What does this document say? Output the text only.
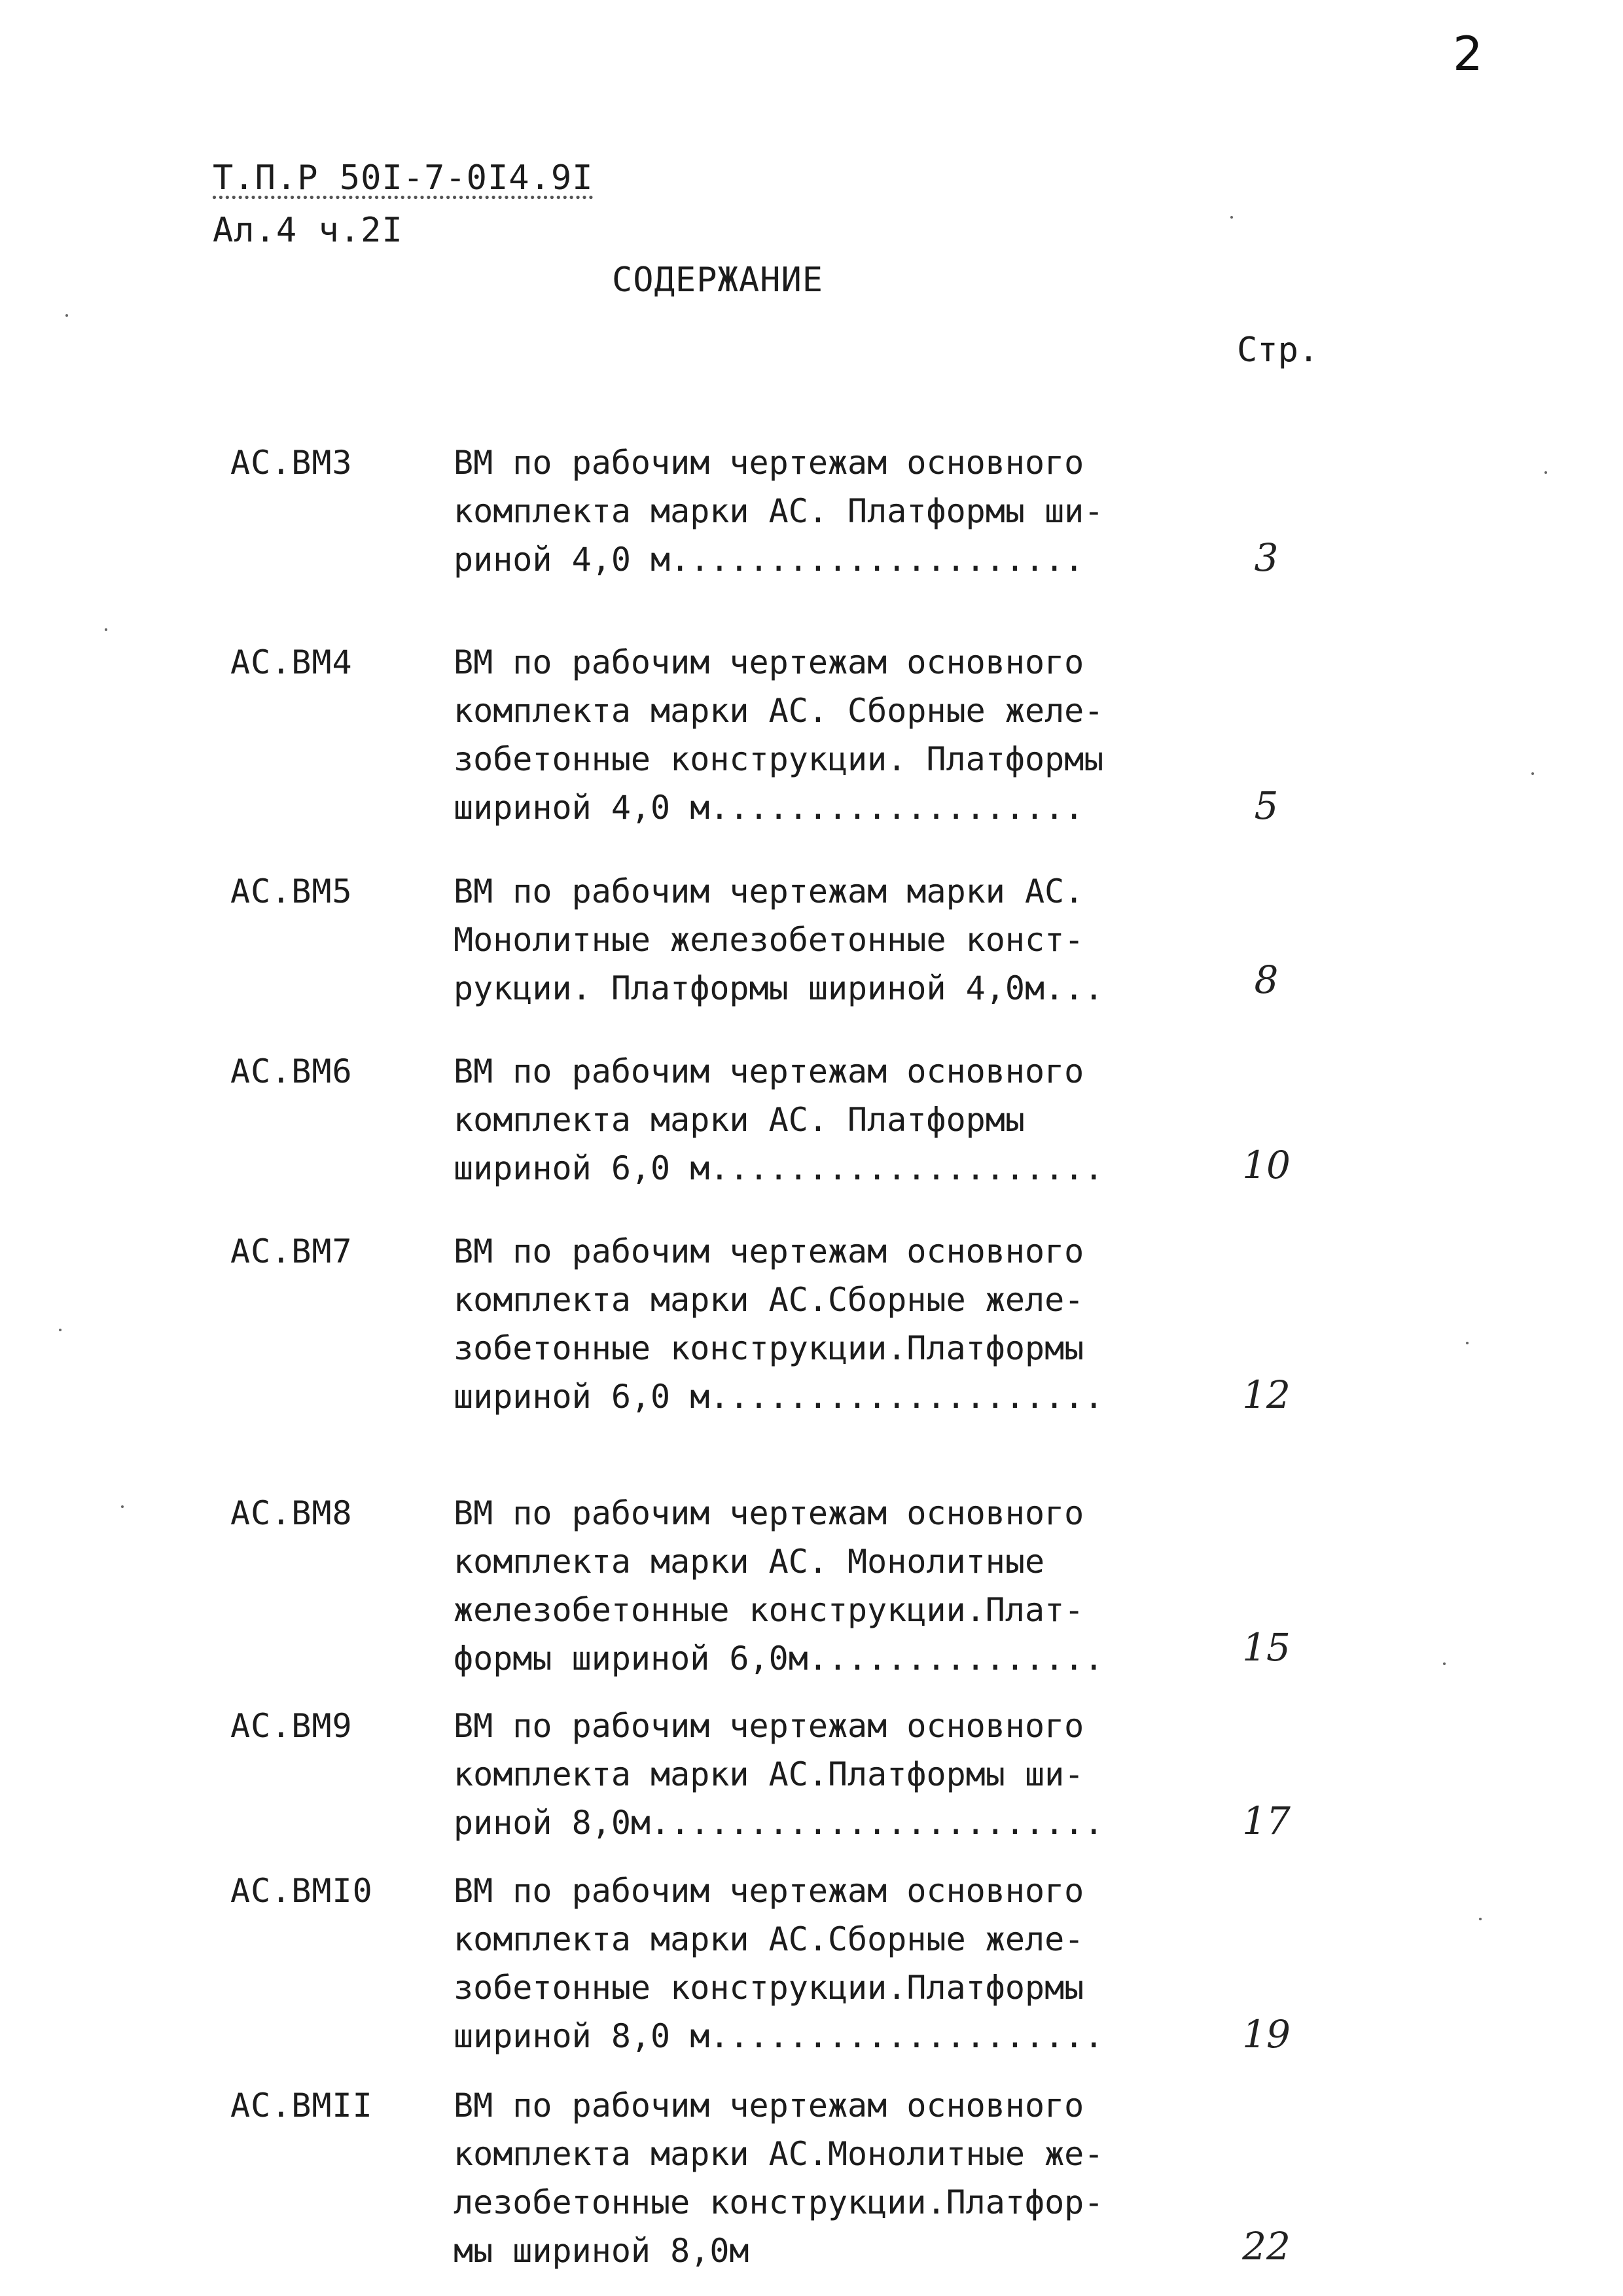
2
Т.П.Р 50I-7-0I4.9I
Ал.4 ч.2I
СОДЕРЖАНИЕ
Стр.
АС.ВМ3	ВМ по рабочим чертежам основного
комплекта марки АС. Платформы ши-
риной 4,0 м.....................	3
АС.ВМ4	ВМ по рабочим чертежам основного
комплекта марки АС. Сборные желе-
зобетонные конструкции. Платформы
шириной 4,0 м...................	5
АС.ВМ5	ВМ по рабочим чертежам марки АС.
Монолитные железобетонные конст-
рукции. Платформы шириной 4,0м...	8
АС.ВМ6	ВМ по рабочим чертежам основного
комплекта марки АС. Платформы
шириной 6,0 м....................	10
АС.ВМ7	ВМ по рабочим чертежам основного
комплекта марки АС.Сборные желе-
зобетонные конструкции.Платформы
шириной 6,0 м....................	12
АС.ВМ8	ВМ по рабочим чертежам основного
комплекта марки АС. Монолитные
железобетонные конструкции.Плат-
формы шириной 6,0м...............	15
АС.ВМ9	ВМ по рабочим чертежам основного
комплекта марки АС.Платформы ши-
риной 8,0м.......................	17
АС.ВМI0 ВМ по рабочим чертежам основного
комплекта марки АС.Сборные желе-
зобетонные конструкции.Платформы
шириной 8,0 м....................	19
АС.ВМII ВМ по рабочим чертежам основного
комплекта марки АС.Монолитные же-
лезобетонные конструкции.Платфор-
мы шириной 8,0м	22
